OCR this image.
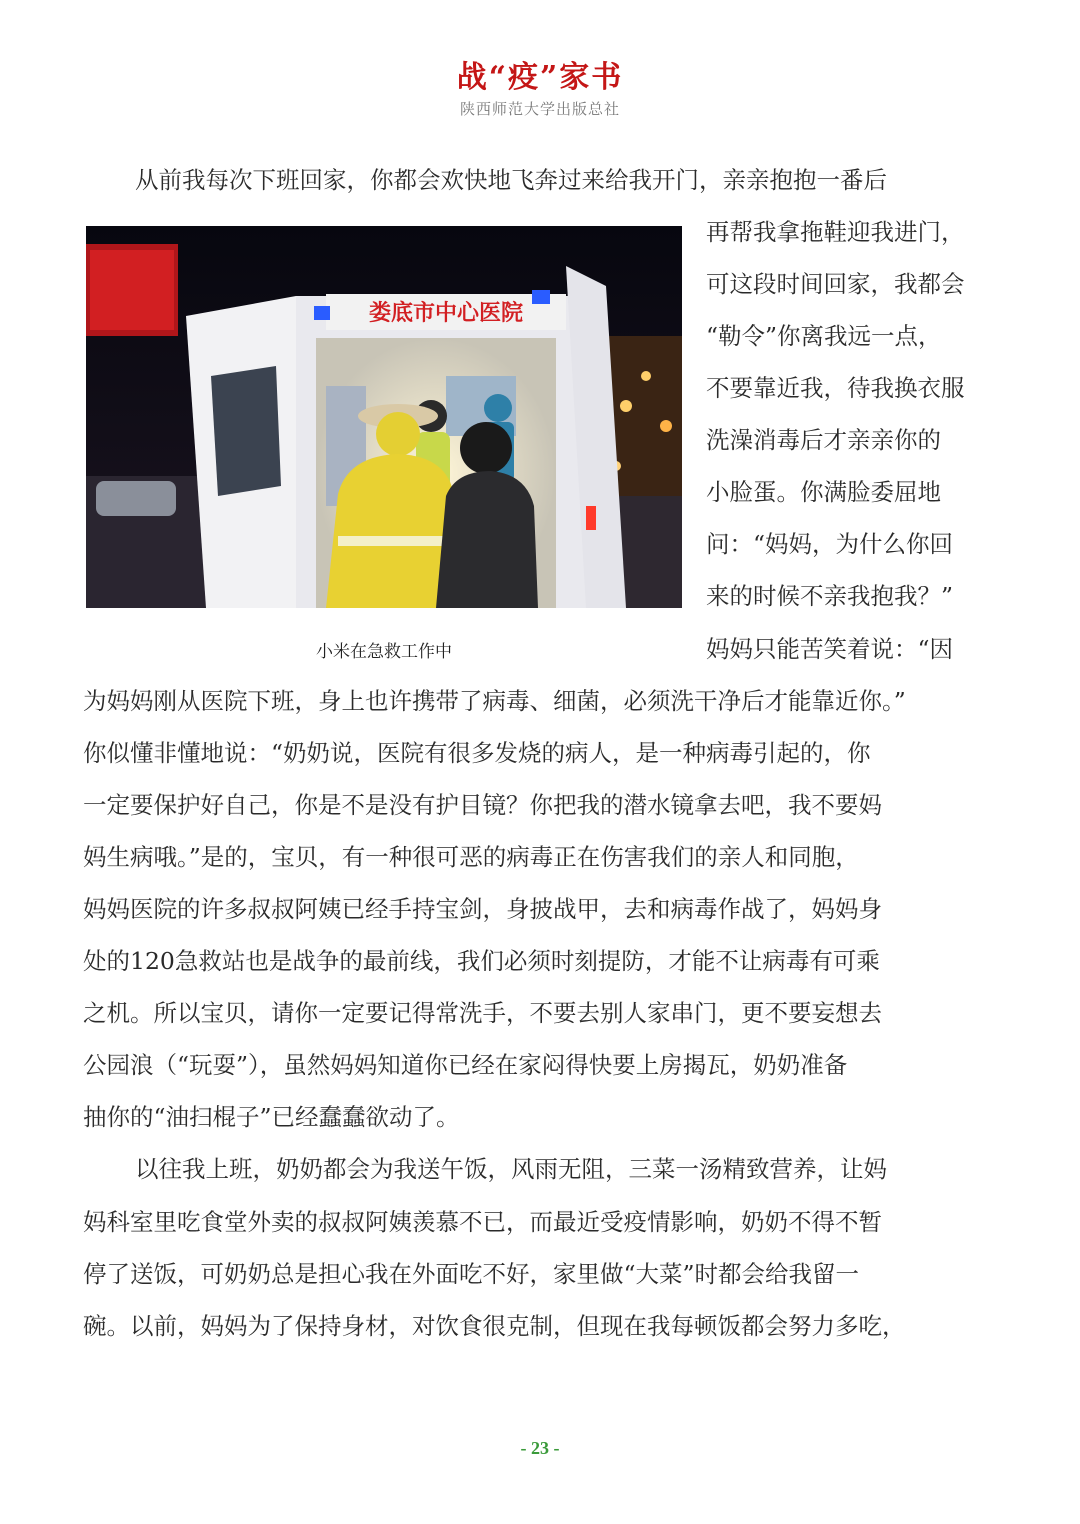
战“疫”家书
陕西师范大学出版总社
娄底市中心医院
小米在急救工作中
从前我每次下班回家，你都会欢快地飞奔过来给我开门，亲亲抱抱一番后
再帮我拿拖鞋迎我进门，
可这段时间回家，我都会
“勒令”你离我远一点，
不要靠近我，待我换衣服
洗澡消毒后才亲亲你的
小脸蛋。你满脸委屈地
问：“妈妈，为什么你回
来的时候不亲我抱我？”
妈妈只能苦笑着说：“因
为妈妈刚从医院下班，身上也许携带了病毒、细菌，必须洗干净后才能靠近你。”
你似懂非懂地说：“奶奶说，医院有很多发烧的病人，是一种病毒引起的，你
一定要保护好自己，你是不是没有护目镜？你把我的潜水镜拿去吧，我不要妈
妈生病哦。”是的，宝贝，有一种很可恶的病毒正在伤害我们的亲人和同胞，
妈妈医院的许多叔叔阿姨已经手持宝剑，身披战甲，去和病毒作战了，妈妈身
处的120急救站也是战争的最前线，我们必须时刻提防，才能不让病毒有可乘
之机。所以宝贝，请你一定要记得常洗手，不要去别人家串门，更不要妄想去
公园浪（“玩耍”），虽然妈妈知道你已经在家闷得快要上房揭瓦，奶奶准备
抽你的“油扫棍子”已经蠢蠢欲动了。
以往我上班，奶奶都会为我送午饭，风雨无阻，三菜一汤精致营养，让妈
妈科室里吃食堂外卖的叔叔阿姨羡慕不已，而最近受疫情影响，奶奶不得不暂
停了送饭，可奶奶总是担心我在外面吃不好，家里做“大菜”时都会给我留一
碗。以前，妈妈为了保持身材，对饮食很克制，但现在我每顿饭都会努力多吃，
- 23 -
